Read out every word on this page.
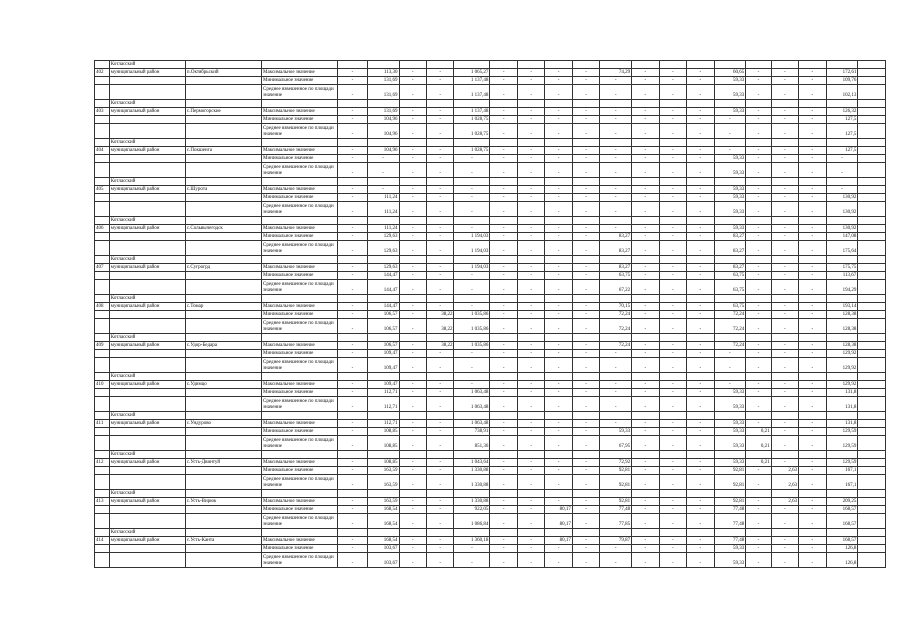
	Котласский																					
402	муниципальный район	п.Октябрьский	Максимальное значение	-	113,30	-	-	1 065,27	-	-	-	-	74,29	-	-	-	60,65	-	-	-	172,61	
			Минимальное значение	-	131,69	-	-	1 137,48	-	-	-	-	-	-	-	-	59,33	-	-	-	109,76	
			Среднее взвешенное по площади значение	-	131,69	-	-	1 137,48	-	-	-	-	-	-	-	-	59,33	-	-	-	102,13	
	Котласский																					
403	муниципальный район	с.Пермогорские	Максимальное значение	-	131,69	-	-	1 137,48	-	-	-	-	-	-	-	-	59,33	-	-	-	126,32	
			Минимальное значение	-	104,96	-	-	1 028,75	-	-	-	-	-	-	-	-	-	-	-	-	127,5	
			Среднее взвешенное по площади значение	-	104,96	-	-	1 028,75	-	-	-	-	-	-	-	-	-	-	-	-	127,5	
	Котласский																					
404	муниципальный район	с.Покшенга	Максимальное значение	-	104,96	-	-	1 028,75	-	-	-	-	-	-	-	-	-	-	-	-	127,5	
			Минимальное значение	-	-	-	-	-	-	-	-	-	-	-	-	-	59,33	-	-	-	-	
			Среднее взвешенное по площади значение	-	-	-	-	-	-	-	-	-	-	-	-	-	59,33	-	-	-	-	
	Котласский																					
405	муниципальный район	с.Шурота	Максимальное значение	-	-	-	-	-	-	-	-	-	-	-	-	-	59,33	-	-	-	-	
			Минимальное значение	-	111,24	-	-	-	-	-	-	-	-	-	-	-	59,33	-	-	-	130,92	
			Среднее взвешенное по площади значение	-	111,24	-	-	-	-	-	-	-	-	-	-	-	59,33	-	-	-	130,92	
	Котласский																					
406	муниципальный район	с.Сольвычегодск	Максимальное значение	-	111,24	-	-	-	-	-	-	-	-	-	-	-	59,33	-	-	-	130,92	
			Минимальное значение	-	129,63	-	-	1 194,03	-	-	-	-	83,27	-	-	-	83,27	-	-	-	147,08	
			Среднее взвешенное по площади значение	-	129,63	-	-	1 194,03	-	-	-	-	83,27	-	-	-	83,27	-	-	-	175,64	
	Котласский																					
407	муниципальный район	с.Сугрогрд	Максимальное значение	-	129,63	-	-	1 194,03	-	-	-	-	83,27	-	-	-	83,27	-	-	-	175,75	
			Минимальное значение	-	144,47	-	-	-	-	-	-	-	63,75	-	-	-	63,75	-	-	-	113,67	
			Среднее взвешенное по площади значение	-	144,47	-	-	-	-	-	-	-	67,22	-	-	-	63,75	-	-	-	194,29	
	Котласский																					
408	муниципальный район	с.Томар	Максимальное значение	-	144,47	-	-	-	-	-	-	-	70,15	-	-	-	63,75	-	-	-	193,14	
			Минимальное значение	-	106,57	-	38,22	1 035,86	-	-	-	-	72,24	-	-	-	72,24	-	-	-	128,38	
			Среднее взвешенное по площади значение	-	106,57	-	38,22	1 035,86	-	-	-	-	72,24	-	-	-	72,24	-	-	-	128,38	
	Котласский																					
409	муниципальный район	с.Удор-Бедара	Максимальное значение	-	106,57	-	38,22	1 035,86	-	-	-	-	72,24	-	-	-	72,24	-	-	-	128,38	
			Минимальное значение	-	109,47	-	-	-	-	-	-	-	-	-	-	-	-	-	-	-	129,92	
			Среднее взвешенное по площади значение	-	109,47	-	-	-	-	-	-	-	-	-	-	-	-	-	-	-	129,92	
	Котласский																					
410	муниципальный район	с.Удимцо	Максимальное значение	-	109,47	-	-	-	-	-	-	-	-	-	-	-	-	-	-	-	129,92	
			Минимальное значение	-	112,71	-	-	1 063,48	-	-	-	-	-	-	-	-	59,33	-	-	-	131,8	
			Среднее взвешенное по площади значение	-	112,71	-	-	1 063,48	-	-	-	-	-	-	-	-	59,33	-	-	-	131,8	
	Котласский																					
411	муниципальный район	с.Ундурово	Максимальное значение	-	112,71	-	-	1 063,48	-	-	-	-	-	-	-	-	59,33	-	-	-	131,8	
			Минимальное значение	-	108,85	-	-	738,91	-	-	-	-	59,33	-	-	-	59,33	0,21	-	-	129,59	
			Среднее взвешенное по площади значение	-	108,85	-	-	851,36	-	-	-	-	67,95	-	-	-	59,33	0,21	-	-	129,59	
	Котласский																					
412	муниципальный район	с.Усть-Двинтуй	Максимальное значение	-	108,85	-	-	1 043,64	-	-	-	-	72,92	-	-	-	59,33	0,21	-	-	129,59	
			Минимальное значение	-	163,59	-	-	1 330,88	-	-	-	-	92,81	-	-	-	92,81	-	2,63	-	167,1	
			Среднее взвешенное по площади значение	-	163,59	-	-	1 330,88	-	-	-	-	92,81	-	-	-	92,81	-	2,63	-	167,1	
	Котласский																					
413	муниципальный район	с.Усть-Вирюк	Максимальное значение	-	163,59	-	-	1 330,88	-	-	-	-	92,81	-	-	-	92,81	-	2,63	-	209,25	
			Минимальное значение	-	168,54	-	-	922,05	-	-	80,17	-	77,48	-	-	-	77,48	-	-	-	168,57	
			Среднее взвешенное по площади значение	-	168,54	-	-	1 086,84	-	-	80,17	-	77,85	-	-	-	77,48	-	-	-	168,57	
	Котласский																					
414	муниципальный район	с.Усть-Канта	Максимальное значение	-	168,54	-	-	1 360,18	-	-	80,17	-	79,87	-	-	-	77,48	-	-	-	168,57	
			Минимальное значение	-	103,67	-	-	-	-	-	-	-	-	-	-	-	59,33	-	-	-	126,8	
			Среднее взвешенное по площади значение	-	103,67	-	-	-	-	-	-	-	-	-	-	-	59,33	-	-	-	126,8	
